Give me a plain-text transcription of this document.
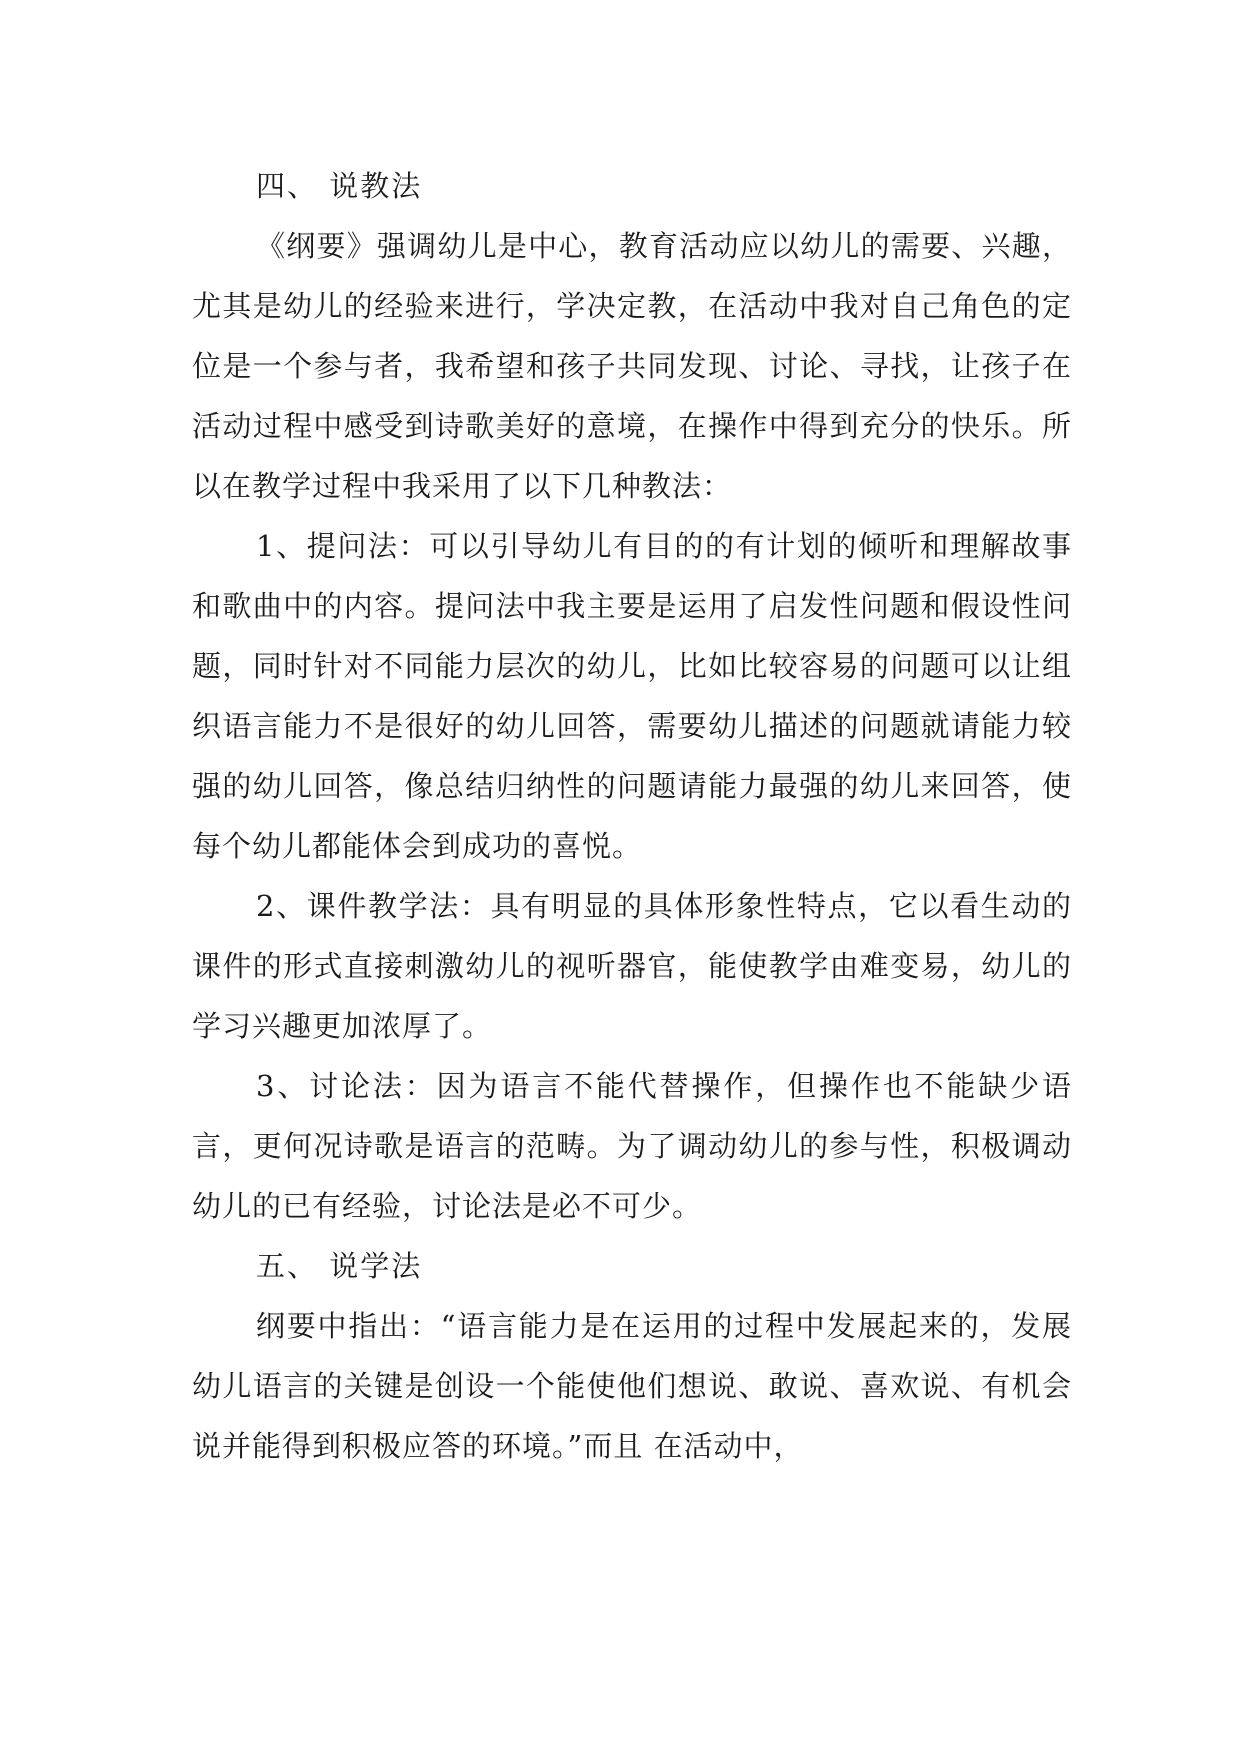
四、 说教法

《纲要》强调幼儿是中心，教育活动应以幼儿的需要、兴趣，尤其是幼儿的经验来进行，学决定教，在活动中我对自己角色的定位是一个参与者，我希望和孩子共同发现、讨论、寻找，让孩子在活动过程中感受到诗歌美好的意境，在操作中得到充分的快乐。所以在教学过程中我采用了以下几种教法：

1、提问法：可以引导幼儿有目的的有计划的倾听和理解故事和歌曲中的内容。提问法中我主要是运用了启发性问题和假设性问题，同时针对不同能力层次的幼儿，比如比较容易的问题可以让组织语言能力不是很好的幼儿回答，需要幼儿描述的问题就请能力较强的幼儿回答，像总结归纳性的问题请能力最强的幼儿来回答，使每个幼儿都能体会到成功的喜悦。

2、课件教学法：具有明显的具体形象性特点，它以看生动的课件的形式直接刺激幼儿的视听器官，能使教学由难变易，幼儿的学习兴趣更加浓厚了。

3、讨论法：因为语言不能代替操作，但操作也不能缺少语言，更何况诗歌是语言的范畴。为了调动幼儿的参与性，积极调动幼儿的已有经验，讨论法是必不可少。

五、 说学法

纲要中指出：“语言能力是在运用的过程中发展起来的，发展幼儿语言的关键是创设一个能使他们想说、敢说、喜欢说、有机会说并能得到积极应答的环境。”而且 在活动中，
